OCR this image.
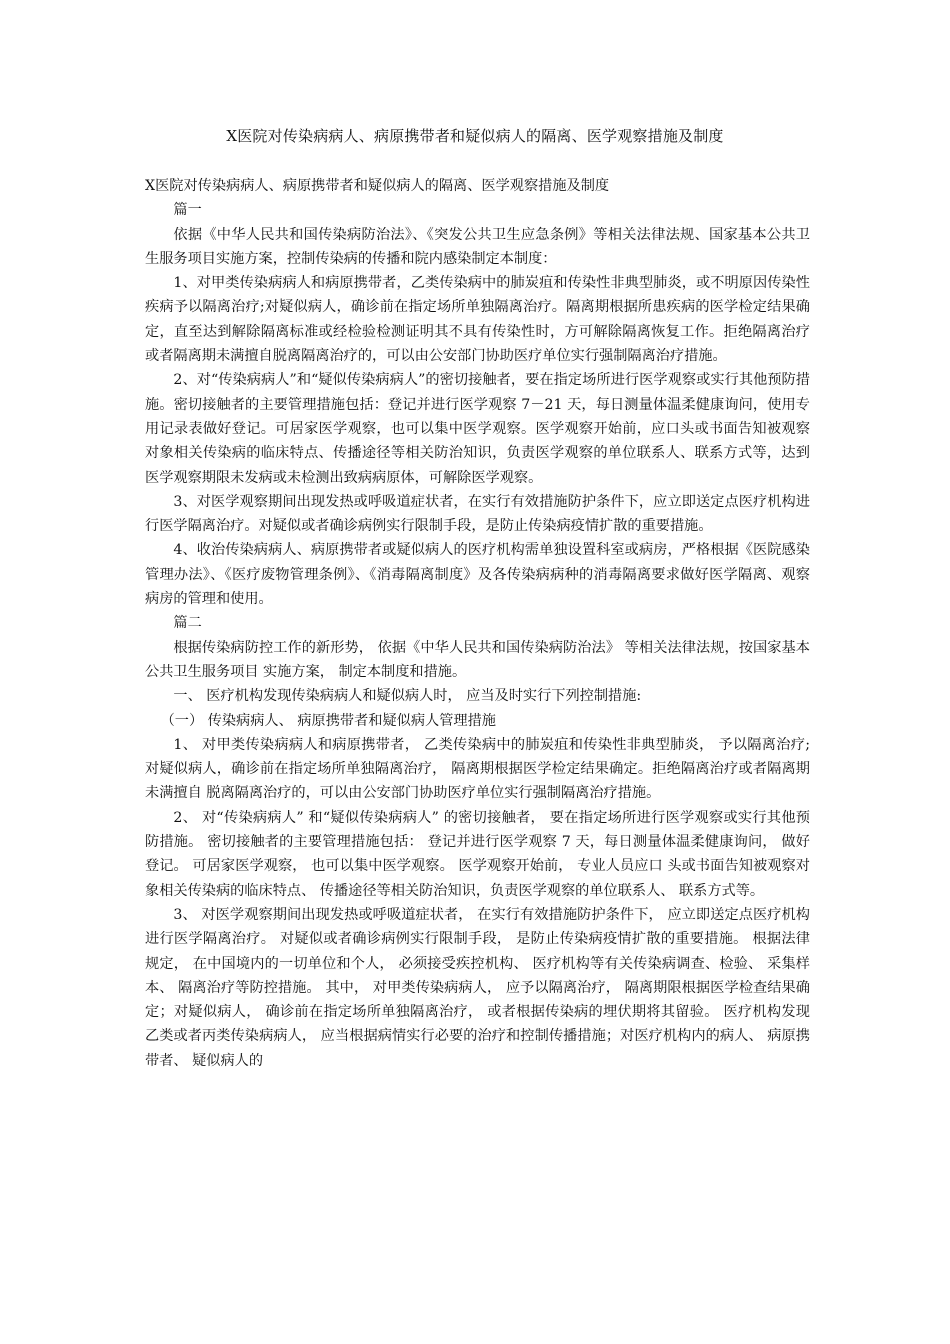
X医院对传染病病人、病原携带者和疑似病人的隔离、医学观察措施及制度

X医院对传染病病人、病原携带者和疑似病人的隔离、医学观察措施及制度

篇一

依据《中华人民共和国传染病防治法》、《突发公共卫生应急条例》等相关法律法规、国家基本公共卫生服务项目实施方案，控制传染病的传播和院内感染制定本制度：

1、对甲类传染病病人和病原携带者，乙类传染病中的肺炭疽和传染性非典型肺炎，或不明原因传染性疾病予以隔离治疗;对疑似病人，确诊前在指定场所单独隔离治疗。隔离期根据所患疾病的医学检定结果确定，直至达到解除隔离标准或经检验检测证明其不具有传染性时，方可解除隔离恢复工作。拒绝隔离治疗或者隔离期未满擅自脱离隔离治疗的，可以由公安部门协助医疗单位实行强制隔离治疗措施。

2、对“传染病病人”和“疑似传染病病人”的密切接触者，要在指定场所进行医学观察或实行其他预防措施。密切接触者的主要管理措施包括：登记并进行医学观察 7－21 天，每日测量体温柔健康询问，使用专用记录表做好登记。可居家医学观察，也可以集中医学观察。医学观察开始前，应口头或书面告知被观察对象相关传染病的临床特点、传播途径等相关防治知识，负责医学观察的单位联系人、联系方式等，达到医学观察期限未发病或未检测出致病病原体，可解除医学观察。

3、对医学观察期间出现发热或呼吸道症状者，在实行有效措施防护条件下，应立即送定点医疗机构进行医学隔离治疗。对疑似或者确诊病例实行限制手段，是防止传染病疫情扩散的重要措施。

4、收治传染病病人、病原携带者或疑似病人的医疗机构需单独设置科室或病房，严格根据《医院感染管理办法》、《医疗废物管理条例》、《消毒隔离制度》及各传染病病种的消毒隔离要求做好医学隔离、观察病房的管理和使用。

篇二

根据传染病防控工作的新形势， 依据《中华人民共和国传染病防治法》 等相关法律法规，按国家基本公共卫生服务项目 实施方案， 制定本制度和措施。

一、 医疗机构发现传染病病人和疑似病人时， 应当及时实行下列控制措施:

（一） 传染病病人、 病原携带者和疑似病人管理措施

1、 对甲类传染病病人和病原携带者， 乙类传染病中的肺炭疽和传染性非典型肺炎， 予以隔离治疗; 对疑似病人，确诊前在指定场所单独隔离治疗， 隔离期根据医学检定结果确定。拒绝隔离治疗或者隔离期未满擅自 脱离隔离治疗的，可以由公安部门协助医疗单位实行强制隔离治疗措施。

2、 对“传染病病人” 和“疑似传染病病人” 的密切接触者， 要在指定场所进行医学观察或实行其他预防措施。 密切接触者的主要管理措施包括： 登记并进行医学观察 7 天，每日测量体温柔健康询问， 做好登记。 可居家医学观察， 也可以集中医学观察。 医学观察开始前， 专业人员应口 头或书面告知被观察对象相关传染病的临床特点、 传播途径等相关防治知识，负责医学观察的单位联系人、 联系方式等。

3、 对医学观察期间出现发热或呼吸道症状者， 在实行有效措施防护条件下， 应立即送定点医疗机构进行医学隔离治疗。 对疑似或者确诊病例实行限制手段， 是防止传染病疫情扩散的重要措施。 根据法律规定， 在中国境内的一切单位和个人， 必须接受疾控机构、 医疗机构等有关传染病调查、检验、 采集样本、 隔离治疗等防控措施。 其中， 对甲类传染病病人， 应予以隔离治疗， 隔离期限根据医学检查结果确定；对疑似病人， 确诊前在指定场所单独隔离治疗， 或者根据传染病的埋伏期将其留验。 医疗机构发现乙类或者丙类传染病病人， 应当根据病情实行必要的治疗和控制传播措施；对医疗机构内的病人、 病原携带者、 疑似病人的
